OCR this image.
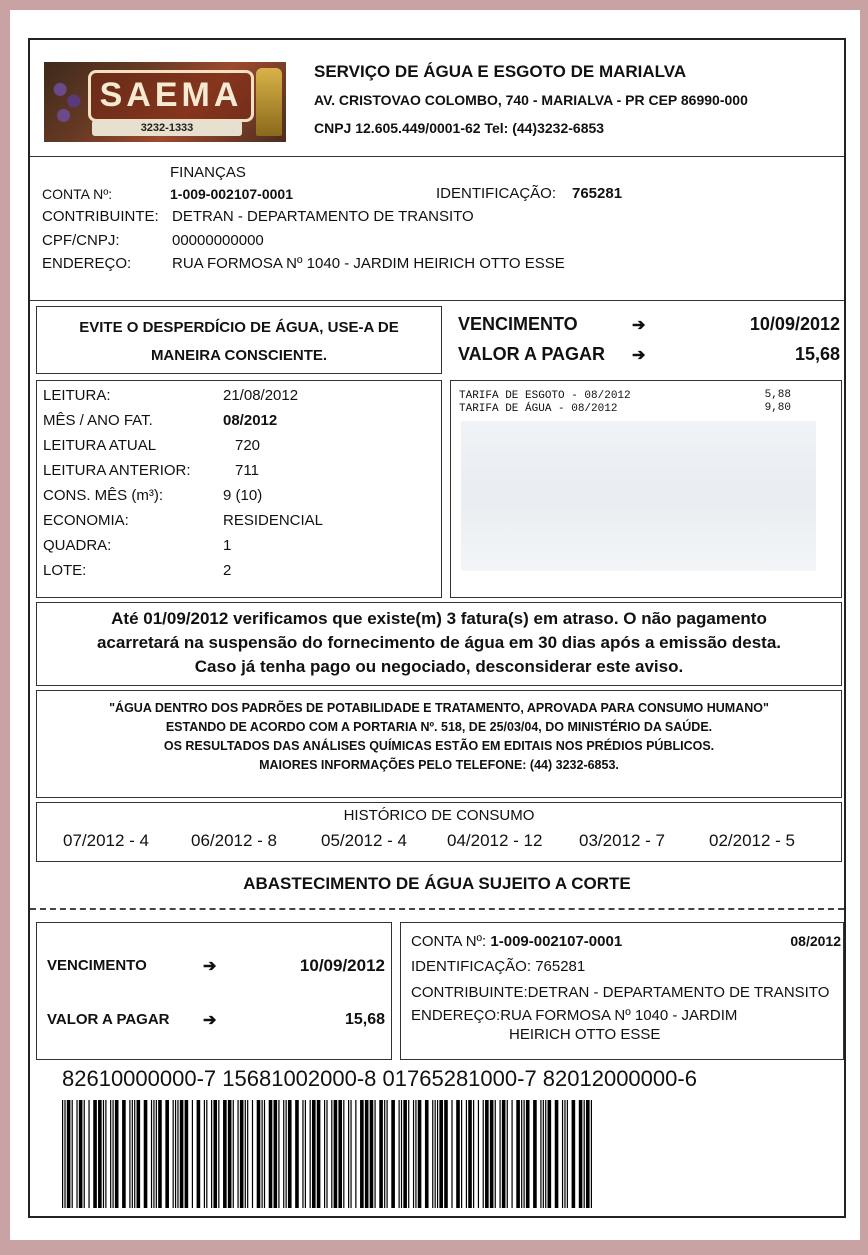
SAEMA
3232-1333
SERVIÇO DE ÁGUA E ESGOTO DE MARIALVA
AV. CRISTOVAO COLOMBO, 740 - MARIALVA - PR CEP 86990-000
CNPJ 12.605.449/0001-62 Tel: (44)3232-6853
FINANÇAS
CONTA Nº:	1-009-002107-0001	IDENTIFICAÇÃO: 765281
CONTRIBUINTE: DETRAN - DEPARTAMENTO DE TRANSITO
CPF/CNPJ:	00000000000
ENDEREÇO:	RUA FORMOSA Nº 1040 - JARDIM HEIRICH OTTO ESSE
EVITE O DESPERDÍCIO DE ÁGUA, USE-A DE
MANEIRA CONSCIENTE.
VENCIMENTO	➔	10/09/2012
VALOR A PAGAR ➔	15,68
LEITURA:	21/08/2012
MÊS / ANO FAT.	08/2012
LEITURA ATUAL	720
LEITURA ANTERIOR:	711
CONS. MÊS (m³):	9 (10)
ECONOMIA:	RESIDENCIAL
QUADRA:	1
LOTE:	2
TARIFA DE ESGOTO - 08/2012	5,88
TARIFA DE ÁGUA - 08/2012	9,80
Até 01/09/2012 verificamos que existe(m) 3 fatura(s) em atraso. O não pagamento
acarretará na suspensão do fornecimento de água em 30 dias após a emissão desta.
Caso já tenha pago ou negociado, desconsiderar este aviso.
"ÁGUA DENTRO DOS PADRÕES DE POTABILIDADE E TRATAMENTO, APROVADA PARA CONSUMO HUMANO"
ESTANDO DE ACORDO COM A PORTARIA Nº. 518, DE 25/03/04, DO MINISTÉRIO DA SAÚDE.
OS RESULTADOS DAS ANÁLISES QUÍMICAS ESTÃO EM EDITAIS NOS PRÉDIOS PÚBLICOS.
MAIORES INFORMAÇÕES PELO TELEFONE: (44) 3232-6853.
HISTÓRICO DE CONSUMO
07/2012 - 4 06/2012 - 8	05/2012 - 4 04/2012 - 12 03/2012 - 7	02/2012 - 5
ABASTECIMENTO DE ÁGUA SUJEITO A CORTE
VENCIMENTO	➔	10/09/2012
VALOR A PAGAR ➔	15,68
CONTA Nº: 1-009-002107-0001	08/2012
IDENTIFICAÇÃO: 765281
CONTRIBUINTE:DETRAN - DEPARTAMENTO DE TRANSITO
ENDEREÇO:RUA FORMOSA Nº 1040 - JARDIM
HEIRICH OTTO ESSE
82610000000-7 15681002000-8 01765281000-7 82012000000-6
